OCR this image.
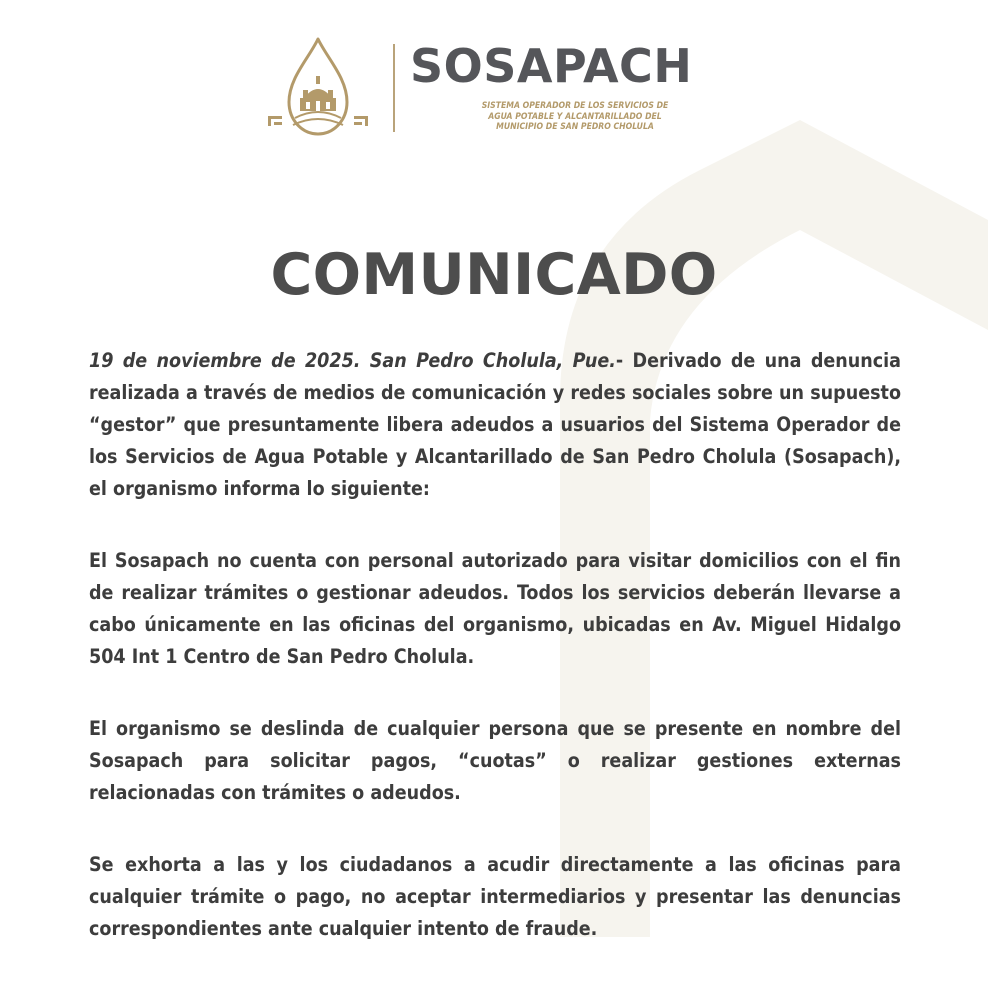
SOSAPACH
SISTEMA OPERADOR DE LOS SERVICIOS DE
AGUA POTABLE Y ALCANTARILLADO DEL
MUNICIPIO DE SAN PEDRO CHOLULA
COMUNICADO

19 de noviembre de 2025. San Pedro Cholula, Pue.- Derivado de una denuncia realizada a través de medios de comunicación y redes sociales sobre un supuesto “gestor” que presuntamente libera adeudos a usuarios del Sistema Operador de los Servicios de Agua Potable y Alcantarillado de San Pedro Cholula (Sosapach), el organismo informa lo siguiente:

El Sosapach no cuenta con personal autorizado para visitar domicilios con el fin de realizar trámites o gestionar adeudos. Todos los servicios deberán llevarse a cabo únicamente en las oficinas del organismo, ubicadas en Av. Miguel Hidalgo 504 Int 1 Centro de San Pedro Cholula.

El organismo se deslinda de cualquier persona que se presente en nombre del Sosapach para solicitar pagos, “cuotas” o realizar gestiones externas relacionadas con trámites o adeudos.

Se exhorta a las y los ciudadanos a acudir directamente a las oficinas para cualquier trámite o pago, no aceptar intermediarios y presentar las denuncias correspondientes ante cualquier intento de fraude.
